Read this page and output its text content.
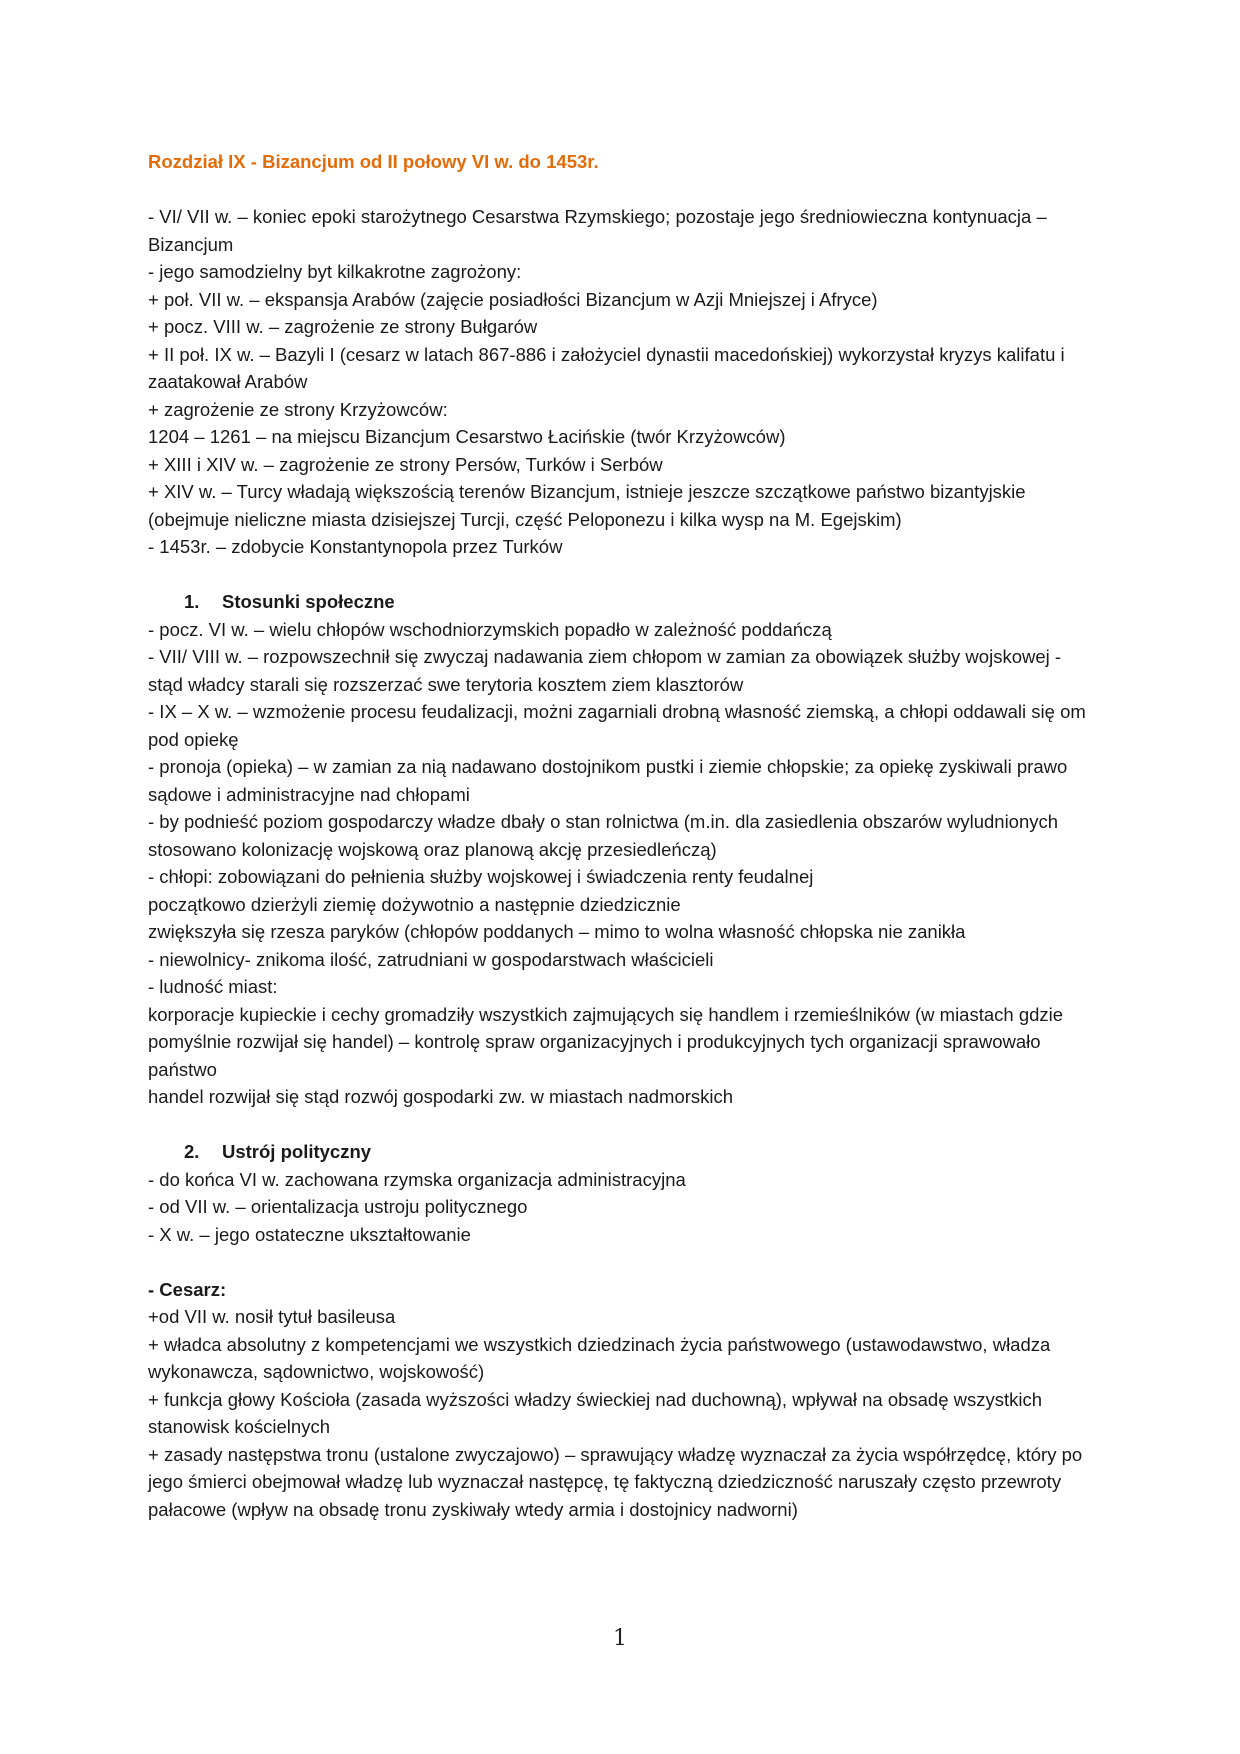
Rozdział IX - Bizancjum od II połowy VI w. do 1453r.

- VI/ VII w. – koniec epoki starożytnego Cesarstwa Rzymskiego; pozostaje jego średniowieczna kontynuacja – Bizancjum

- jego samodzielny byt kilkakrotne zagrożony:

+ poł. VII w. – ekspansja Arabów (zajęcie posiadłości Bizancjum w Azji Mniejszej i Afryce)

+ pocz. VIII w. – zagrożenie ze strony Bułgarów

+ II poł. IX w. – Bazyli I (cesarz w latach 867-886 i założyciel dynastii macedońskiej) wykorzystał kryzys kalifatu i zaatakował Arabów

+ zagrożenie ze strony Krzyżowców:

1204 – 1261 – na miejscu Bizancjum Cesarstwo Łacińskie (twór Krzyżowców)

+ XIII i XIV w. – zagrożenie ze strony Persów, Turków i Serbów

+ XIV w. – Turcy władają większością terenów Bizancjum, istnieje jeszcze szczątkowe państwo bizantyjskie (obejmuje nieliczne miasta dzisiejszej Turcji, część Peloponezu i kilka wysp na M. Egejskim)

- 1453r. – zdobycie Konstantynopola przez Turków

1. Stosunki społeczne

- pocz. VI w. – wielu chłopów wschodniorzymskich popadło w zależność poddańczą

- VII/ VIII w. – rozpowszechnił się zwyczaj nadawania ziem chłopom w zamian za obowiązek służby wojskowej - stąd władcy starali się rozszerzać swe terytoria kosztem ziem klasztorów

- IX – X w. – wzmożenie procesu feudalizacji, możni zagarniali drobną własność ziemską, a chłopi oddawali się om pod opiekę

- pronoja (opieka) – w zamian za nią nadawano dostojnikom pustki i ziemie chłopskie; za opiekę zyskiwali prawo sądowe i administracyjne nad chłopami

- by podnieść poziom gospodarczy władze dbały o stan rolnictwa (m.in. dla zasiedlenia obszarów wyludnionych stosowano kolonizację wojskową oraz planową akcję przesiedleńczą)

- chłopi: zobowiązani do pełnienia służby wojskowej i świadczenia renty feudalnej

początkowo dzierżyli ziemię dożywotnio a następnie dziedzicznie

zwiększyła się rzesza paryków (chłopów poddanych – mimo to wolna własność chłopska nie zanikła

- niewolnicy- znikoma ilość, zatrudniani w gospodarstwach właścicieli

- ludność miast:

korporacje kupieckie i cechy gromadziły wszystkich zajmujących się handlem i rzemieślników (w miastach gdzie pomyślnie rozwijał się handel) – kontrolę spraw organizacyjnych i produkcyjnych tych organizacji sprawowało państwo

handel rozwijał się stąd rozwój gospodarki zw. w miastach nadmorskich

2. Ustrój polityczny

- do końca VI w. zachowana rzymska organizacja administracyjna

- od VII w. – orientalizacja ustroju politycznego

- X w. – jego ostateczne ukształtowanie

- Cesarz:

+od VII w. nosił tytuł basileusa

+ władca absolutny z kompetencjami we wszystkich dziedzinach życia państwowego (ustawodawstwo, władza wykonawcza, sądownictwo, wojskowość)

+ funkcja głowy Kościoła (zasada wyższości władzy świeckiej nad duchowną), wpływał na obsadę wszystkich stanowisk kościelnych

+ zasady następstwa tronu (ustalone zwyczajowo) – sprawujący władzę wyznaczał za życia współrzędcę, który po jego śmierci obejmował władzę lub wyznaczał następcę, tę faktyczną dziedziczność naruszały często przewroty pałacowe (wpływ na obsadę tronu zyskiwały wtedy armia i dostojnicy nadworni)

1
